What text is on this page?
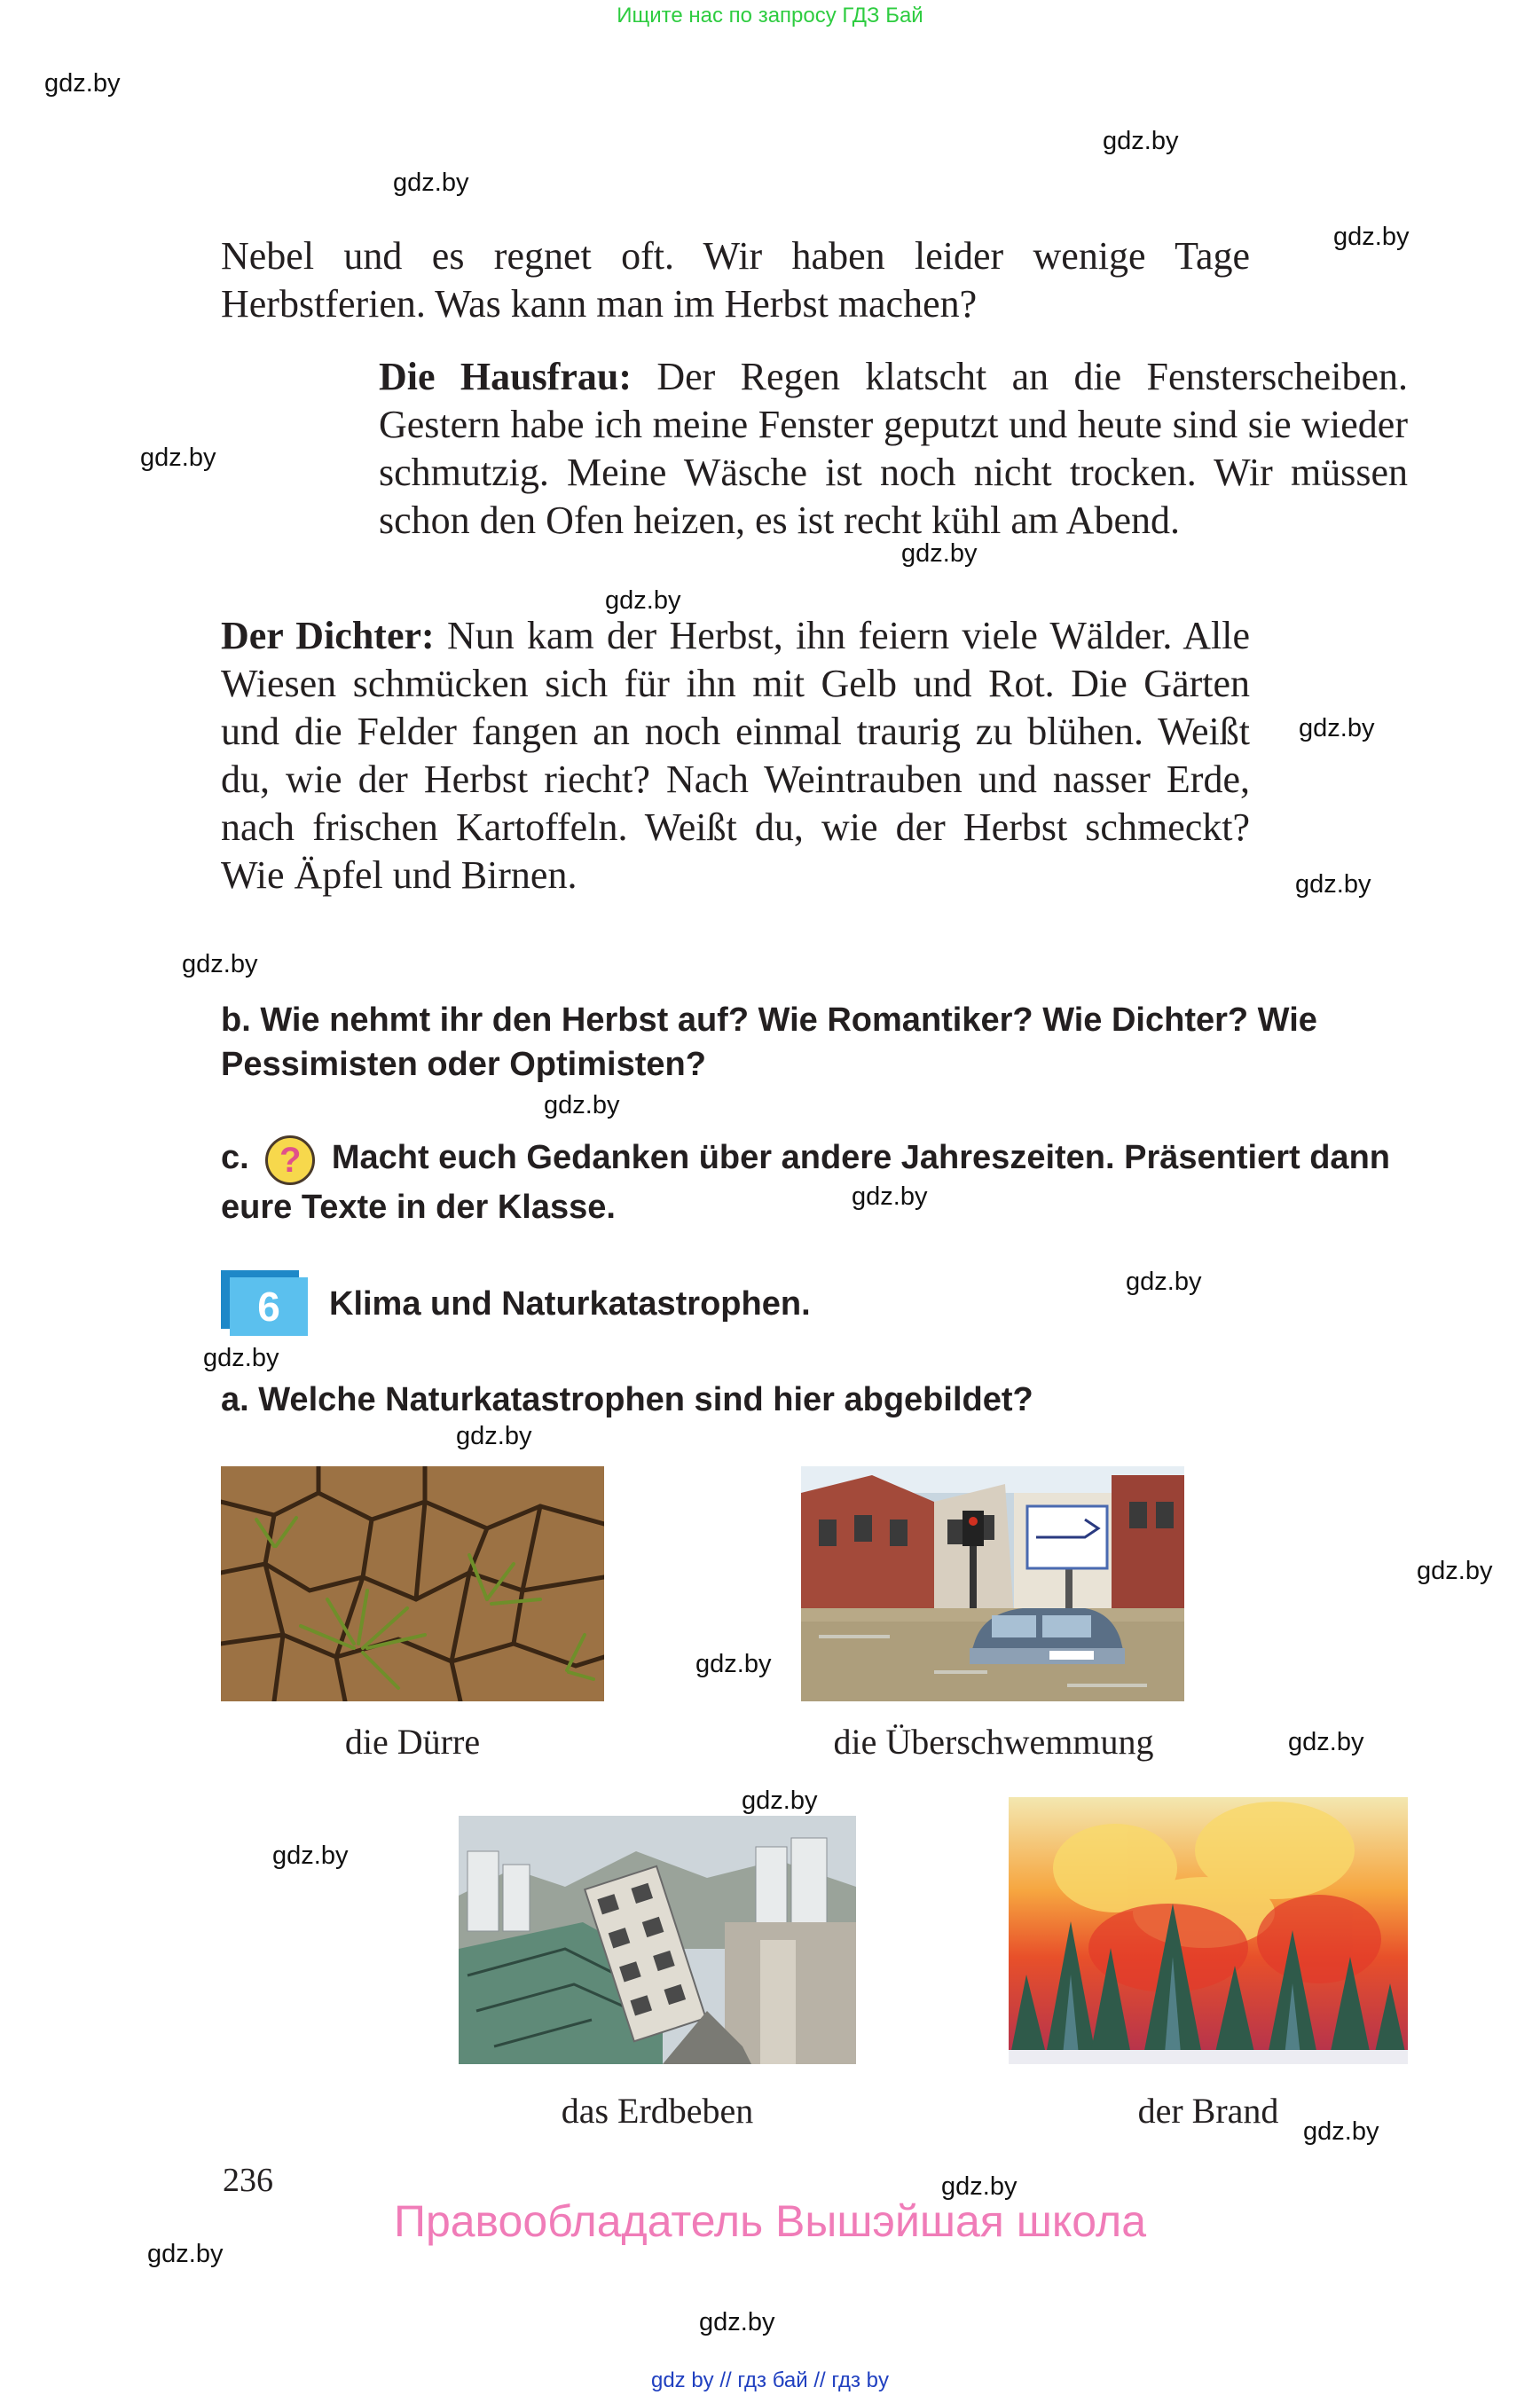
Ищите нас по запросу ГДЗ Бай
gdz.by
gdz.by
gdz.by
gdz.by
gdz.by
gdz.by
gdz.by
gdz.by
gdz.by
gdz.by
gdz.by
gdz.by
gdz.by
gdz.by
gdz.by
gdz.by
gdz.by
gdz.by
gdz.by
gdz.by
gdz.by
gdz.by
gdz.by
gdz.by
Nebel und es regnet oft. Wir haben leider wenige Tage Herbstferien. Was kann man im Herbst machen?
Die Hausfrau: Der Regen klatscht an die Fensterscheiben. Gestern habe ich meine Fenster geputzt und heute sind sie wieder schmutzig. Meine Wäsche ist noch nicht trocken. Wir müssen schon den Ofen heizen, es ist recht kühl am Abend.
Der Dichter: Nun kam der Herbst, ihn feiern viele Wälder. Alle Wiesen schmücken sich für ihn mit Gelb und Rot. Die Gärten und die Felder fangen an noch einmal traurig zu blühen. Weißt du, wie der Herbst riecht? Nach Weintrauben und nasser Erde, nach frischen Kartoffeln. Weißt du, wie der Herbst schmeckt? Wie Äpfel und Birnen.
b. Wie nehmt ihr den Herbst auf? Wie Romantiker? Wie Dichter? Wie Pessimisten oder Optimisten?
c. ? Macht euch Gedanken über andere Jahreszeiten. Präsentiert dann eure Texte in der Klasse.
6	Klima und Naturkatastrophen.
a. Welche Naturkatastrophen sind hier abgebildet?
die Dürre	die Überschwemmung
das Erdbeben	der Brand
236
Правообладатель Вышэйшая школа
gdz by // гдз бай // гдз by
